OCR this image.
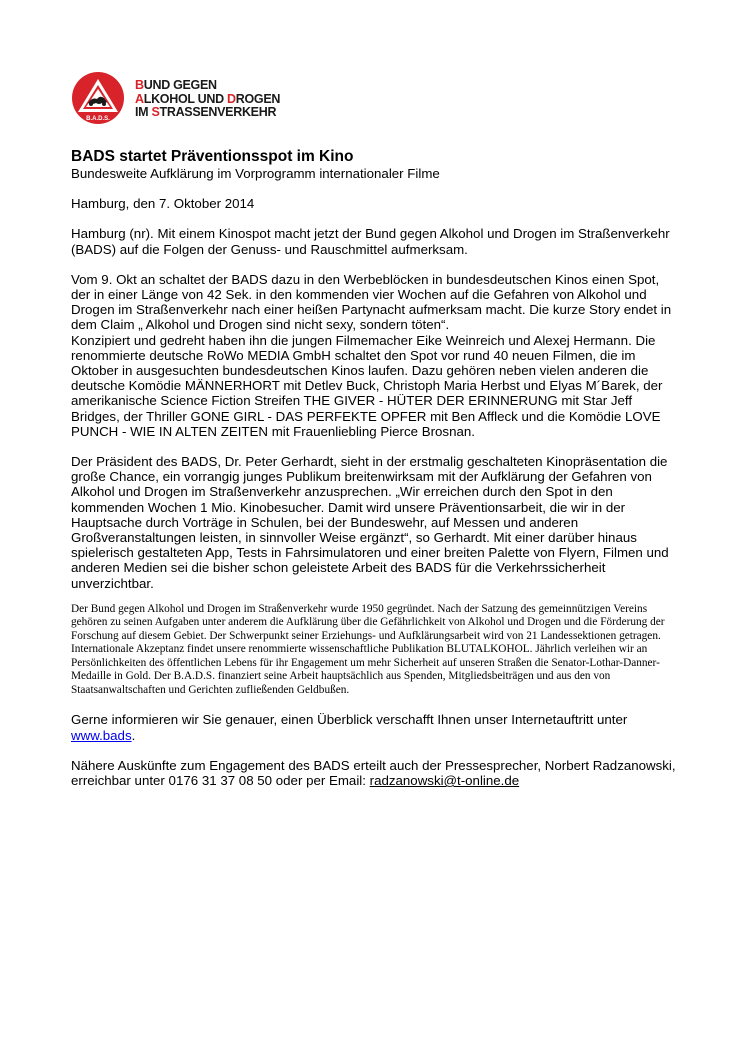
B.A.D.S.
BUND GEGEN
ALKOHOL UND DROGEN
IM STRASSENVERKEHR
BADS startet Präventionsspot im Kino

Bundesweite Aufklärung im Vorprogramm internationaler Filme

Hamburg, den 7. Oktober 2014

Hamburg (nr). Mit einem Kinospot macht jetzt der Bund gegen Alkohol und Drogen im Straßenverkehr (BADS) auf die Folgen der Genuss- und Rauschmittel aufmerksam.

Vom 9. Okt an schaltet der BADS dazu in den Werbeblöcken in bundesdeutschen Kinos einen Spot, der in einer Länge von 42 Sek. in den kommenden vier Wochen auf die Gefahren von Alkohol und Drogen im Straßenverkehr nach einer heißen Partynacht aufmerksam macht. Die kurze Story endet in dem Claim „ Alkohol und Drogen sind nicht sexy, sondern töten“.

Konzipiert und gedreht haben ihn die jungen Filmemacher Eike Weinreich und Alexej Hermann. Die renommierte deutsche RoWo MEDIA GmbH schaltet den Spot vor rund 40 neuen Filmen, die im Oktober in ausgesuchten bundesdeutschen Kinos laufen. Dazu gehören neben vielen anderen die deutsche Komödie MÄNNERHORT mit Detlev Buck, Christoph Maria Herbst und Elyas M´Barek, der amerikanische Science Fiction Streifen THE GIVER - HÜTER DER ERINNERUNG mit Star Jeff Bridges, der Thriller GONE GIRL - DAS PERFEKTE OPFER mit Ben Affleck und die Komödie LOVE PUNCH - WIE IN ALTEN ZEITEN mit Frauenliebling Pierce Brosnan.

Der Präsident des BADS, Dr. Peter Gerhardt, sieht in der erstmalig geschalteten Kinopräsentation die große Chance, ein vorrangig junges Publikum breitenwirksam mit der Aufklärung der Gefahren von Alkohol und Drogen im Straßenverkehr anzusprechen. „Wir erreichen durch den Spot in den kommenden Wochen 1 Mio. Kinobesucher. Damit wird unsere Präventionsarbeit, die wir in der Hauptsache durch Vorträge in Schulen, bei der Bundeswehr, auf Messen und anderen Großveranstaltungen leisten, in sinnvoller Weise ergänzt“, so Gerhardt. Mit einer darüber hinaus spielerisch gestalteten App, Tests in Fahrsimulatoren und einer breiten Palette von Flyern, Filmen und anderen Medien sei die bisher schon geleistete Arbeit des BADS für die Verkehrssicherheit unverzichtbar.

Der Bund gegen Alkohol und Drogen im Straßenverkehr wurde 1950 gegründet. Nach der Satzung des gemeinnützigen Vereins gehören zu seinen Aufgaben unter anderem die Aufklärung über die Gefährlichkeit von Alkohol und Drogen und die Förderung der Forschung auf diesem Gebiet. Der Schwerpunkt seiner Erziehungs- und Aufklärungsarbeit wird von 21 Landessektionen getragen. Internationale Akzeptanz findet unsere renommierte wissenschaftliche Publikation BLUTALKOHOL. Jährlich verleihen wir an Persönlichkeiten des öffentlichen Lebens für ihr Engagement um mehr Sicherheit auf unseren Straßen die Senator-Lothar-Danner-Medaille in Gold. Der B.A.D.S. finanziert seine Arbeit hauptsächlich aus Spenden, Mitgliedsbeiträgen und aus den von Staatsanwaltschaften und Gerichten zufließenden Geldbußen.

Gerne informieren wir Sie genauer, einen Überblick verschafft Ihnen unser Internetauftritt unter www.bads.

Nähere Auskünfte zum Engagement des BADS erteilt auch der Pressesprecher, Norbert Radzanowski, erreichbar unter 0176 31 37 08 50 oder per Email: radzanowski@t-online.de
